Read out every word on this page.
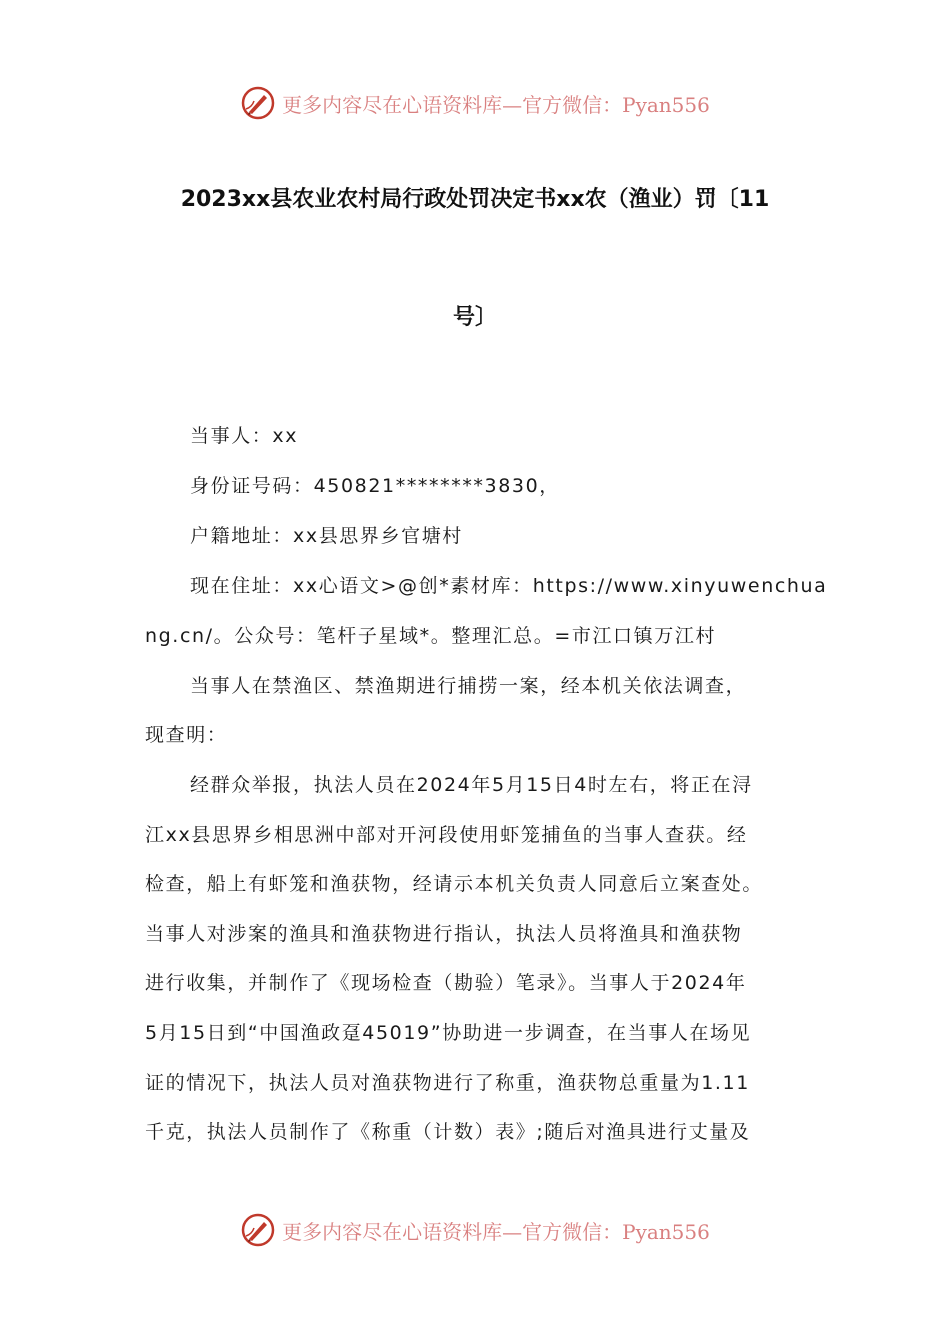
更多内容尽在心语资料库—官方微信：Pyan556
2023xx县农业农村局行政处罚决定书xx农（渔业）罚〔11
号〕
当事人：xx
身份证号码：450821********3830，
户籍地址：xx县思界乡官塘村
现在住址：xx心语文>@创*素材库：https://www.xinyuwenchua
ng.cn/。公众号：笔杆子星域*。整理汇总。=市江口镇万江村
当事人在禁渔区、禁渔期进行捕捞一案，经本机关依法调查，
现查明：
经群众举报，执法人员在2024年5月15日4时左右，将正在浔
江xx县思界乡相思洲中部对开河段使用虾笼捕鱼的当事人查获。经
检查，船上有虾笼和渔获物，经请示本机关负责人同意后立案查处。
当事人对涉案的渔具和渔获物进行指认，执法人员将渔具和渔获物
进行收集，并制作了《现场检查（勘验）笔录》。当事人于2024年
5月15日到“中国渔政趸45019”协助进一步调查，在当事人在场见
证的情况下，执法人员对渔获物进行了称重，渔获物总重量为1.11
千克，执法人员制作了《称重（计数）表》;随后对渔具进行丈量及
更多内容尽在心语资料库—官方微信：Pyan556
